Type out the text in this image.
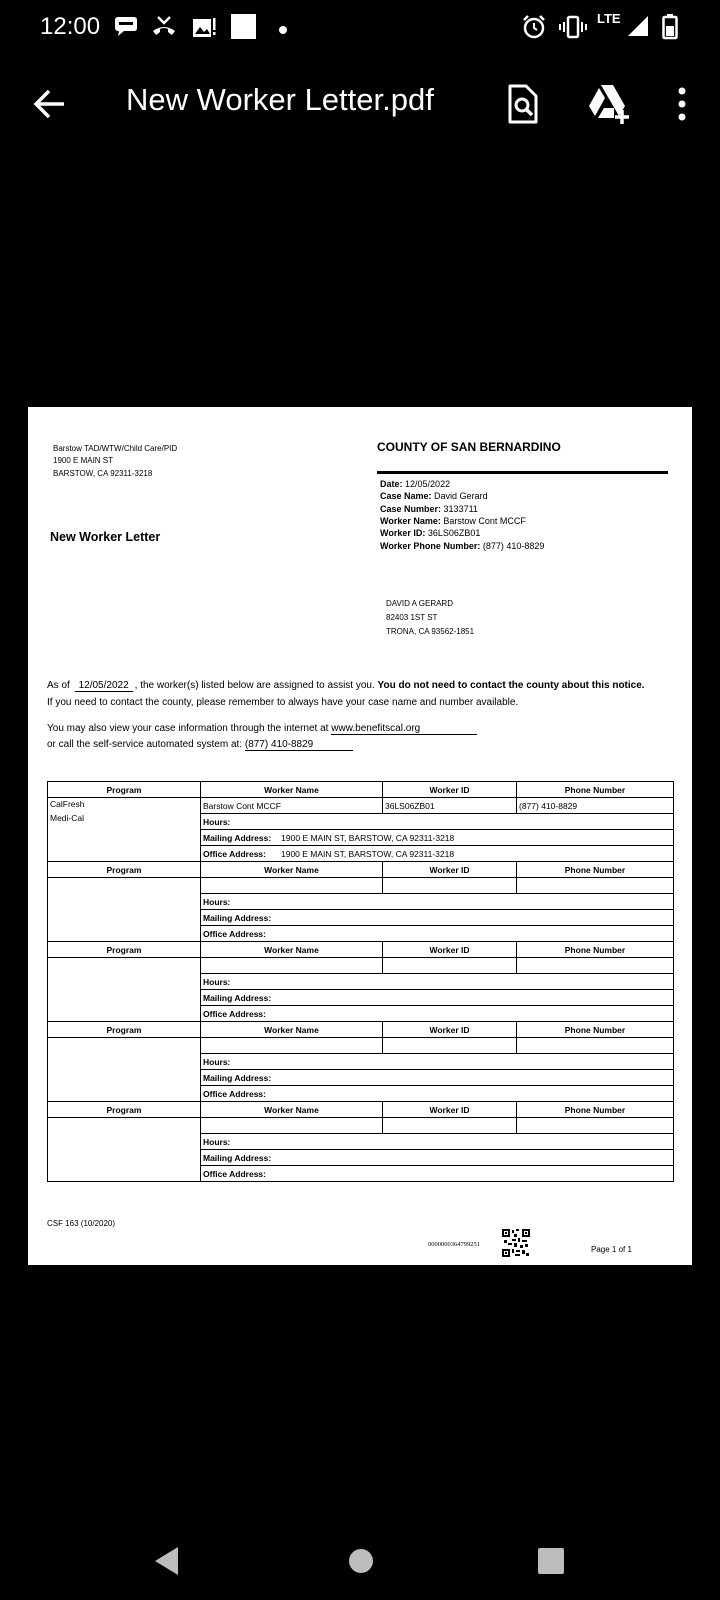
12:00	LTE
New Worker Letter.pdf
Barstow TAD/WTW/Child Care/PID
1900 E MAIN ST
BARSTOW, CA 92311-3218
COUNTY OF SAN BERNARDINO
New Worker Letter
Date: 12/05/2022
Case Name: David Gerard
Case Number: 3133711
Worker Name: Barstow Cont MCCF
Worker ID: 36LS06ZB01
Worker Phone Number: (877) 410-8829
DAVID A GERARD
82403 1ST ST
TRONA, CA 93562-1851
As of 12/05/2022 , the worker(s) listed below are assigned to assist you. You do not need to contact the county about this notice.
If you need to contact the county, please remember to always have your case name and number available.
You may also view your case information through the internet at www.benefitscal.org
or call the self-service automated system at: (877) 410-8829
Program	Worker Name	Worker ID	Phone Number

CalFresh
Medi-Cal	Barstow Cont MCCF	36LS06ZB01	(877) 410-8829
	Hours:		
	Mailing Address: 1900 E MAIN ST, BARSTOW, CA 92311-3218		
	Office Address: 1900 E MAIN ST, BARSTOW, CA 92311-3218		
Program	Worker Name	Worker ID	Phone Number

	Hours:		
	Mailing Address:		
	Office Address:		
Program	Worker Name	Worker ID	Phone Number

	Hours:		
	Mailing Address:		
	Office Address:		
Program	Worker Name	Worker ID	Phone Number

	Hours:		
	Mailing Address:		
	Office Address:		
Program	Worker Name	Worker ID	Phone Number

	Hours:		
	Mailing Address:		
	Office Address:		
CSF 163 (10/2020)
0000000364799251
Page 1 of 1
